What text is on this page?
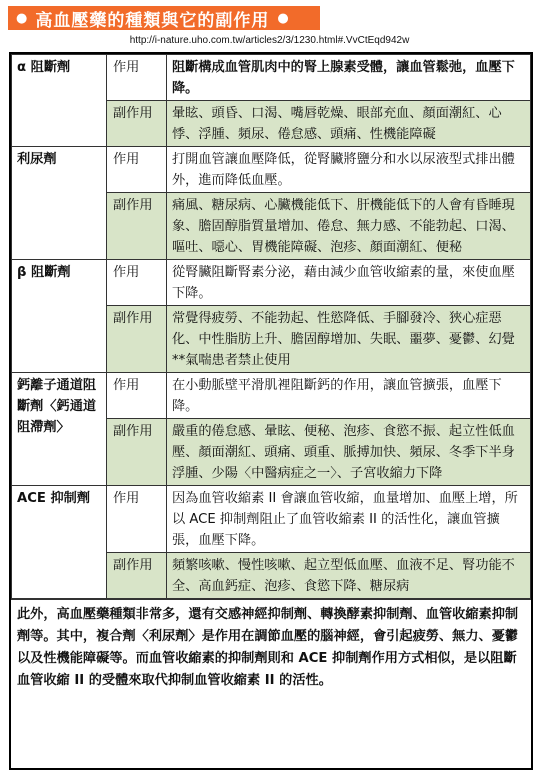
● 高血壓藥的種類與它的副作用 ●
http://i-nature.uho.com.tw/articles2/3/1230.html#.VvCtEqd942w
α 阻斷劑	作用	阻斷構成血管肌肉中的腎上腺素受體，讓血管鬆弛，血壓下降。
	副作用	暈眩、頭昏、口渴、嘴唇乾燥、眼部充血、顏面潮紅、心悸、浮腫、頻尿、倦怠感、頭痛、性機能障礙
利尿劑	作用	打開血管讓血壓降低，從腎臟將鹽分和水以尿液型式排出體外，進而降低血壓。
	副作用	痛風、糖尿病、心臟機能低下、肝機能低下的人會有昏睡現象、膽固醇脂質量增加、倦怠、無力感、不能勃起、口渴、嘔吐、噁心、胃機能障礙、泡疹、顏面潮紅、便秘
β 阻斷劑	作用	從腎臟阻斷腎素分泌，藉由減少血管收縮素的量，來使血壓下降。
	副作用	常覺得疲勞、不能勃起、性慾降低、手腳發冷、狹心症惡化、中性脂肪上升、膽固醇增加、失眠、噩夢、憂鬱、幻覺
**氣喘患者禁止使用

鈣離子通道阻斷劑〈鈣通道阻滯劑〉	作用	在小動脈壁平滑肌裡阻斷鈣的作用，讓血管擴張，血壓下降。
	副作用	嚴重的倦怠感、暈眩、便秘、泡疹、食慾不振、起立性低血壓、顏面潮紅、頭痛、頭重、脈搏加快、頻尿、冬季下半身浮腫、少陽〈中醫病症之一〉、子宮收縮力下降
ACE 抑制劑	作用	因為血管收縮素 II 會讓血管收縮，血量增加、血壓上增，所以 ACE 抑制劑阻止了血管收縮素 II 的活性化，讓血管擴張，血壓下降。
	副作用	頻繁咳嗽、慢性咳嗽、起立型低血壓、血液不足、腎功能不全、高血鈣症、泡疹、食慾下降、糖尿病
此外，高血壓藥種類非常多，還有交感神經抑制劑、轉換酵素抑制劑、血管收縮素抑制劑等。其中，複合劑〈利尿劑〉是作用在調節血壓的腦神經，會引起疲勞、無力、憂鬱以及性機能障礙等。而血管收縮素的抑制劑則和 ACE 抑制劑作用方式相似，是以阻斷血管收縮 II 的受體來取代抑制血管收縮素 II 的活性。
